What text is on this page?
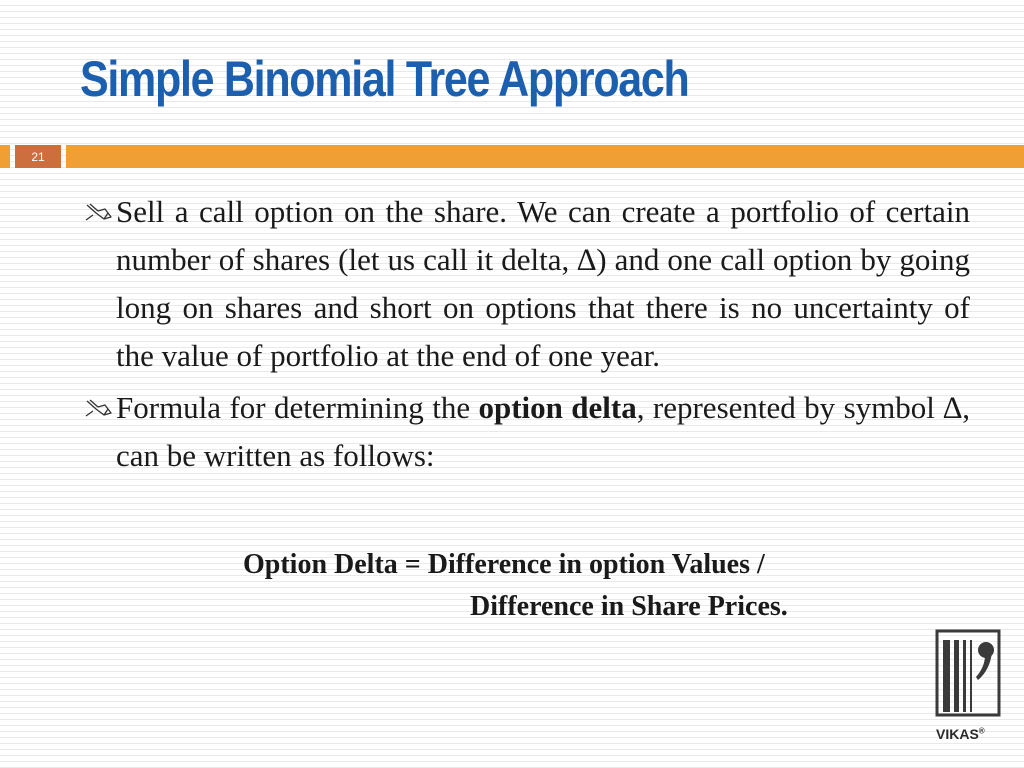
Simple Binomial Tree Approach
21

Sell a call option on the share. We can create a portfolio of certain number of shares (let us call it delta, ∆) and one call option by going long on shares and short on options that there is no uncertainty of the value of portfolio at the end of one year.

Formula for determining the option delta, represented by symbol ∆, can be written as follows:

Option Delta = Difference in option Values /
Difference in Share Prices.
VIKAS®
